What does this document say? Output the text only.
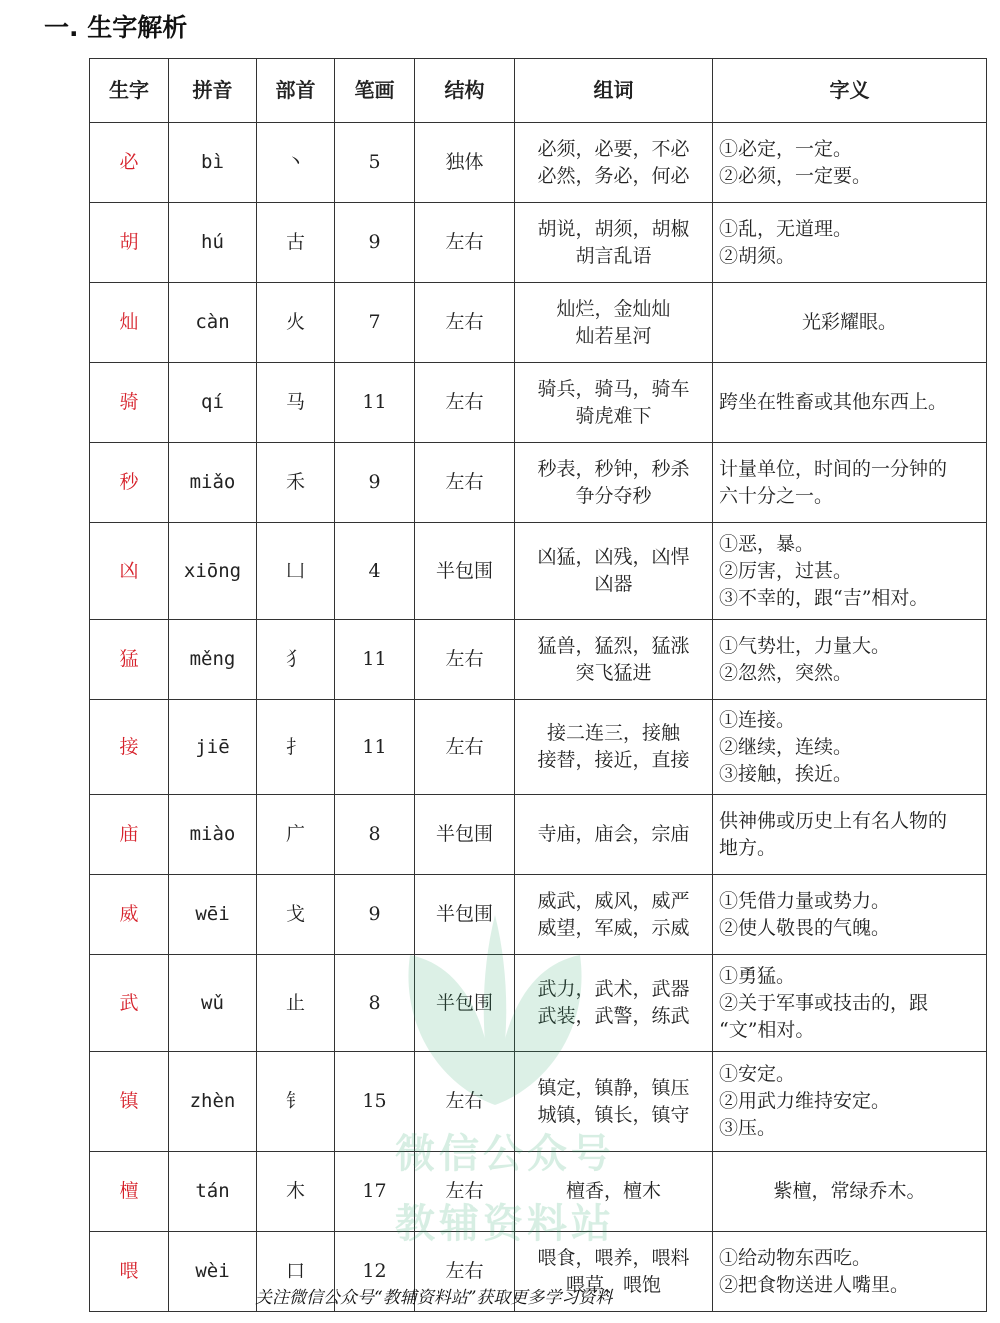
一. 生字解析
生字	拼音	部首	笔画	结构	组词	字义
必	bì	丶	5	独体	必须，必要，不必
必然，务必，何必	①必定，一定。
②必须，一定要。

胡	hú	古	9	左右	胡说，胡须，胡椒
胡言乱语	①乱，无道理。
②胡须。

灿	càn	火	7	左右	灿烂，金灿灿
灿若星河	光彩耀眼。

骑	qí	马	11	左右	骑兵，骑马，骑车
骑虎难下	跨坐在牲畜或其他东西上。

秒	miǎo	禾	9	左右	秒表，秒钟，秒杀
争分夺秒	计量单位，时间的一分钟的
六十分之一。

凶	xiōng	凵	4	半包围	凶猛，凶残，凶悍
凶器	①恶，暴。
②厉害，过甚。
③不幸的，跟“吉”相对。

猛	měng	犭	11	左右	猛兽，猛烈，猛涨
突飞猛进	①气势壮，力量大。
②忽然，突然。

接	jiē	扌	11	左右	接二连三，接触
接替，接近，直接	①连接。
②继续，连续。
③接触，挨近。

庙	miào	广	8	半包围	寺庙，庙会，宗庙	供神佛或历史上有名人物的
地方。

威	wēi	戈	9	半包围	威武，威风，威严
威望，军威，示威	①凭借力量或势力。
②使人敬畏的气魄。

武	wǔ	止	8	半包围	武力，武术，武器
武装，武警，练武	①勇猛。
②关于军事或技击的，跟
“文”相对。

镇	zhèn	钅	15	左右	镇定，镇静，镇压
城镇，镇长，镇守	①安定。
②用武力维持安定。
③压。

檀	tán	木	17	左右	檀香，檀木	紫檀，常绿乔木。

喂	wèi	口	12	左右	喂食，喂养，喂料
喂草，喂饱	①给动物东西吃。
②把食物送进人嘴里。
微信公众号
教辅资料站
关注微信公众号“教辅资料站”获取更多学习资料
